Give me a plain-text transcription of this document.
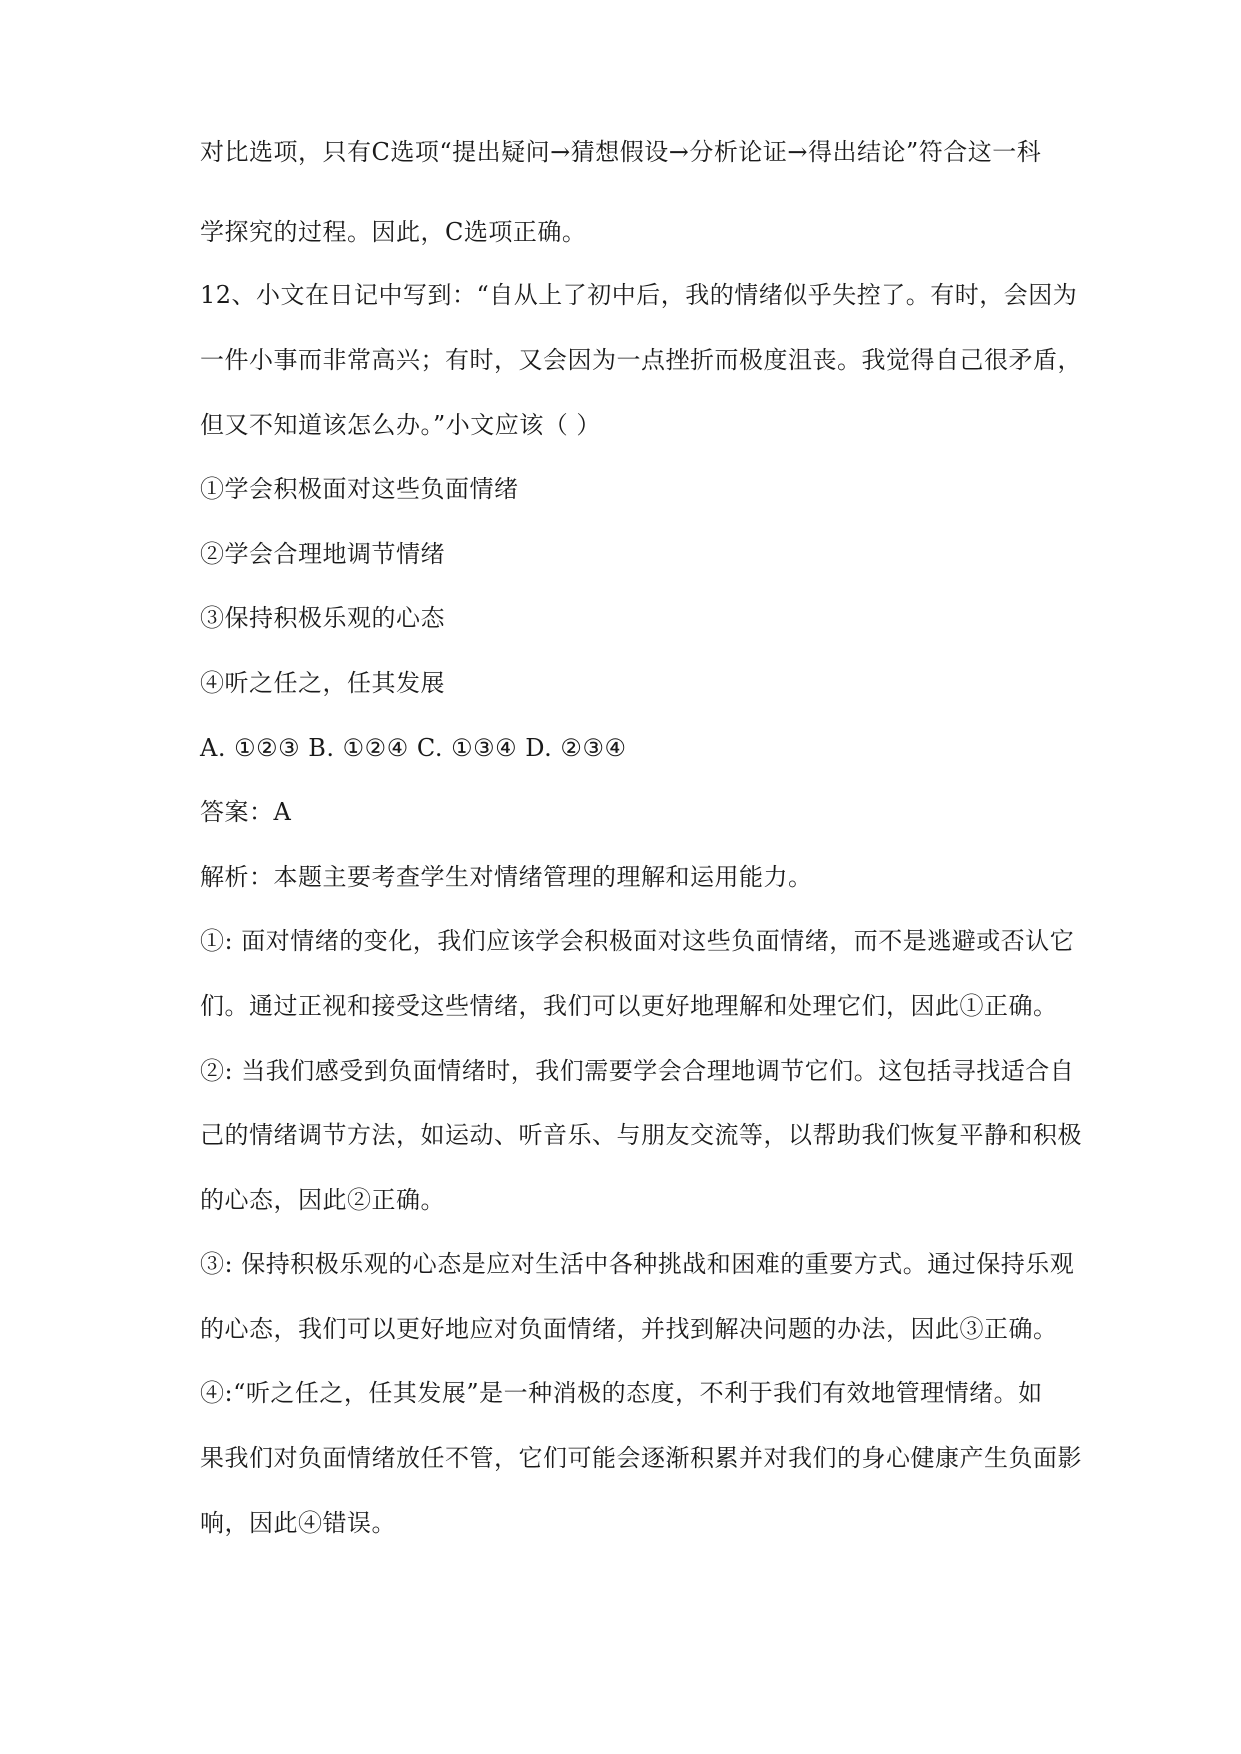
对比选项，只有C选项“提出疑问→猜想假设→分析论证→得出结论”符合这一科
学探究的过程。因此，C选项正确。
12、小文在日记中写到：“自从上了初中后，我的情绪似乎失控了。有时，会因为
一件小事而非常高兴；有时，又会因为一点挫折而极度沮丧。我觉得自己很矛盾，
但又不知道该怎么办。”小文应该（ ）
①学会积极面对这些负面情绪
②学会合理地调节情绪
③保持积极乐观的心态
④听之任之，任其发展
A. ①②③ B. ①②④ C. ①③④ D. ②③④
答案：A
解析：本题主要考查学生对情绪管理的理解和运用能力。
①: 面对情绪的变化，我们应该学会积极面对这些负面情绪，而不是逃避或否认它
们。通过正视和接受这些情绪，我们可以更好地理解和处理它们，因此①正确。
②: 当我们感受到负面情绪时，我们需要学会合理地调节它们。这包括寻找适合自
己的情绪调节方法，如运动、听音乐、与朋友交流等，以帮助我们恢复平静和积极
的心态，因此②正确。
③: 保持积极乐观的心态是应对生活中各种挑战和困难的重要方式。通过保持乐观
的心态，我们可以更好地应对负面情绪，并找到解决问题的办法，因此③正确。
④:“听之任之，任其发展”是一种消极的态度，不利于我们有效地管理情绪。如
果我们对负面情绪放任不管，它们可能会逐渐积累并对我们的身心健康产生负面影
响，因此④错误。
